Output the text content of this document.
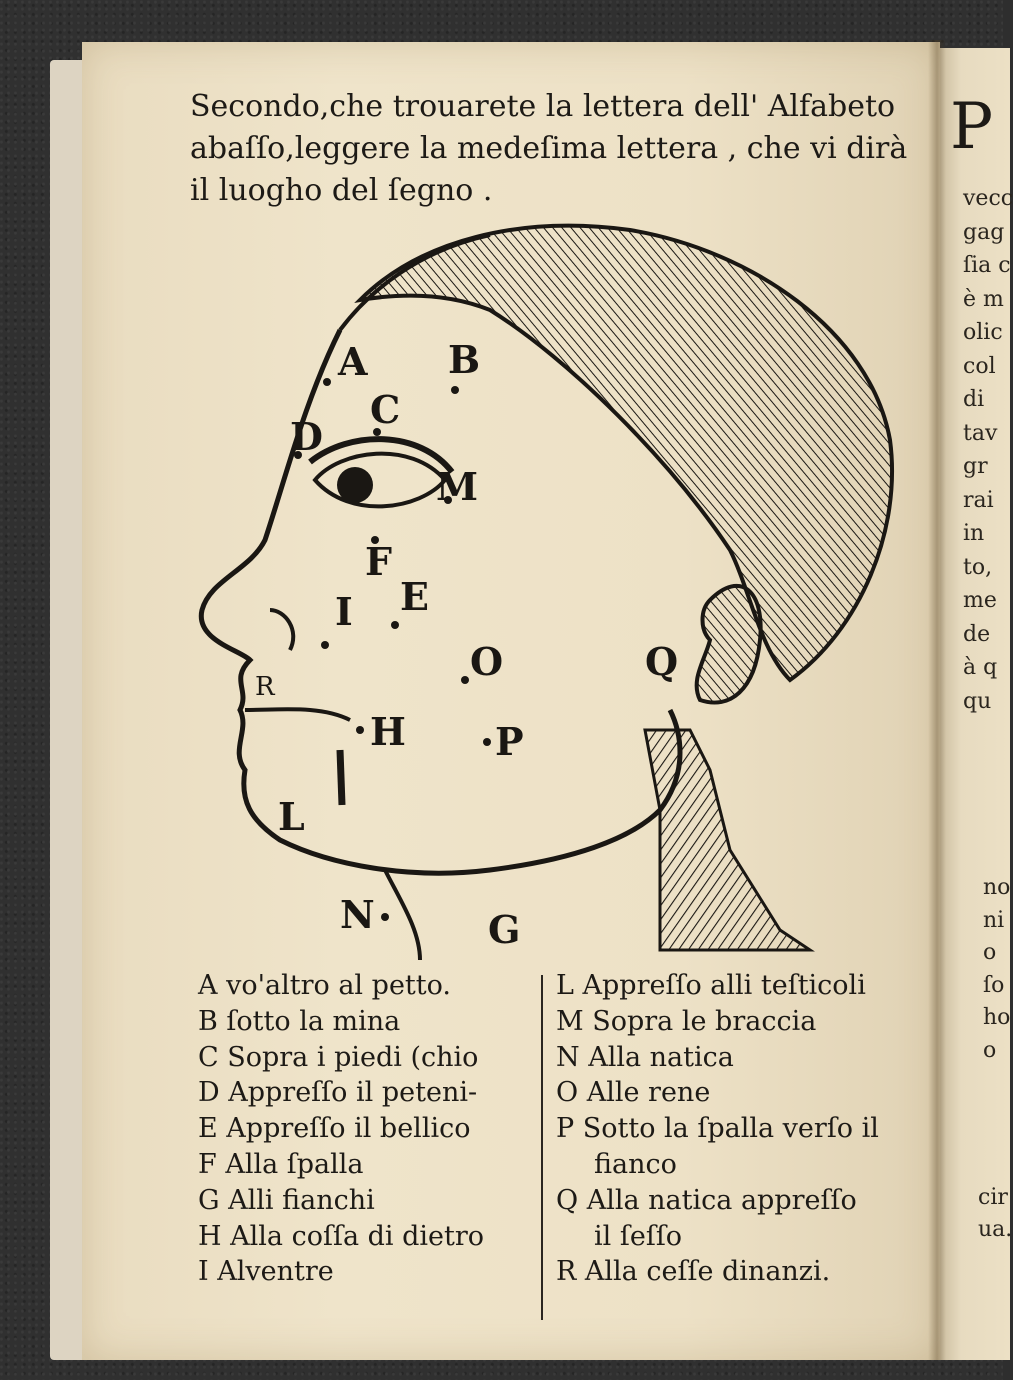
Secondo,che trouarete la lettera dell' Alfabeto
abaſſo,leggere la medeſima lettera , che vi dirà
il luogho del ſegno .
A B
C
D
M
F
E
I
O	Q
R
H P
L
N	G
A vo'altro al petto.
B ſotto la mina
C Sopra i piedi (chio
D Appreſſo il peteni-
E Appreſſo il bellico
F Alla ſpalla
G Alli fianchi
H Alla coſſa di dietro
I Alventre
L Appreſſo alli teſticoli
M Sopra le braccia
N Alla natica
O Alle rene
P Sotto la ſpalla verſo il
fianco
Q Alla natica appreſſo
il ſeſſo
R Alla ceſſe dinanzi.
P
vecc
gag
ſia c
è m
olic
col
di
tav
gr
rai
in
to,
me
de
à q
qu
no
ni
o
ſo
ho
o
cir
ua.
